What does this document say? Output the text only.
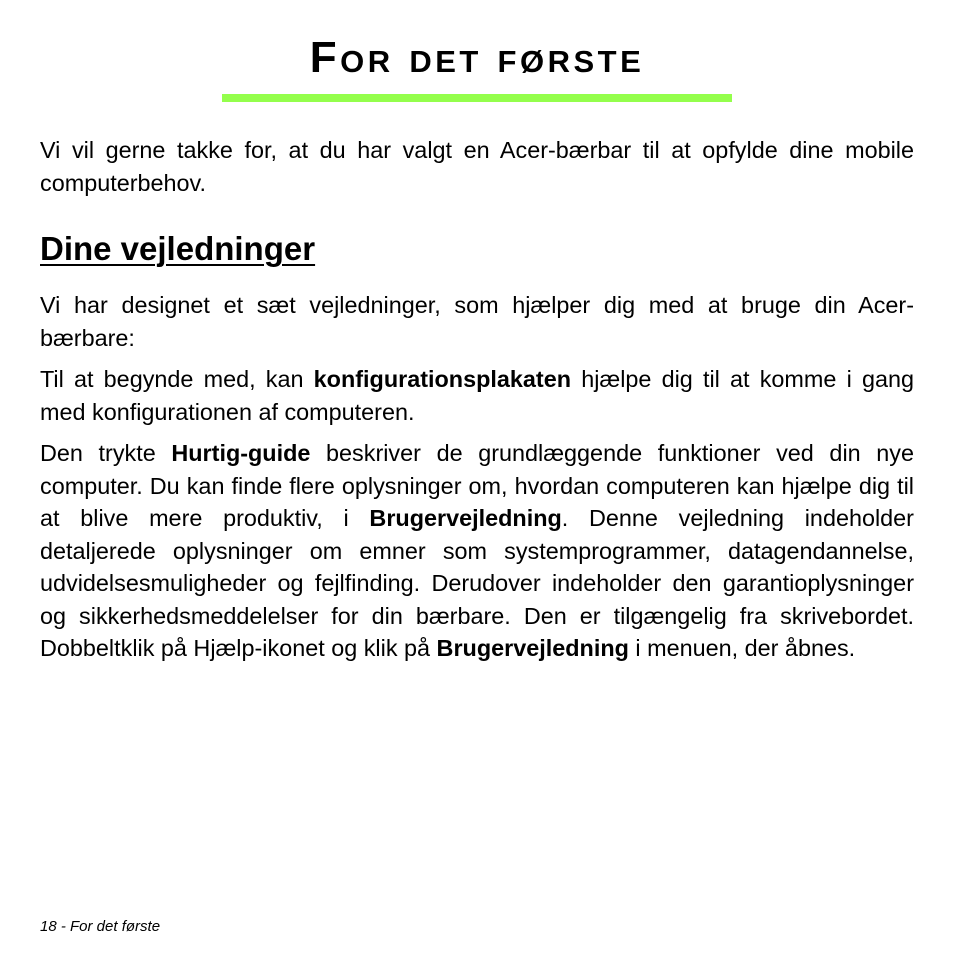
For det første

Vi vil gerne takke for, at du har valgt en Acer-bærbar til at opfylde dine mobile computerbehov.

Dine vejledninger

Vi har designet et sæt vejledninger, som hjælper dig med at bruge din Acer-bærbare:

Til at begynde med, kan konfigurationsplakaten hjælpe dig til at komme i gang med konfigurationen af computeren.

Den trykte Hurtig-guide beskriver de grundlæggende funktioner ved din nye computer. Du kan finde flere oplysninger om, hvordan computeren kan hjælpe dig til at blive mere produktiv, i Brugervejledning. Denne vejledning indeholder detaljerede oplysninger om emner som systemprogrammer, datagendannelse, udvidelsesmuligheder og fejlfinding. Derudover indeholder den garantioplysninger og sikkerhedsmeddelelser for din bærbare. Den er tilgængelig fra skrivebordet. Dobbeltklik på Hjælp-ikonet og klik på Brugervejledning i menuen, der åbnes.

18 - For det første
